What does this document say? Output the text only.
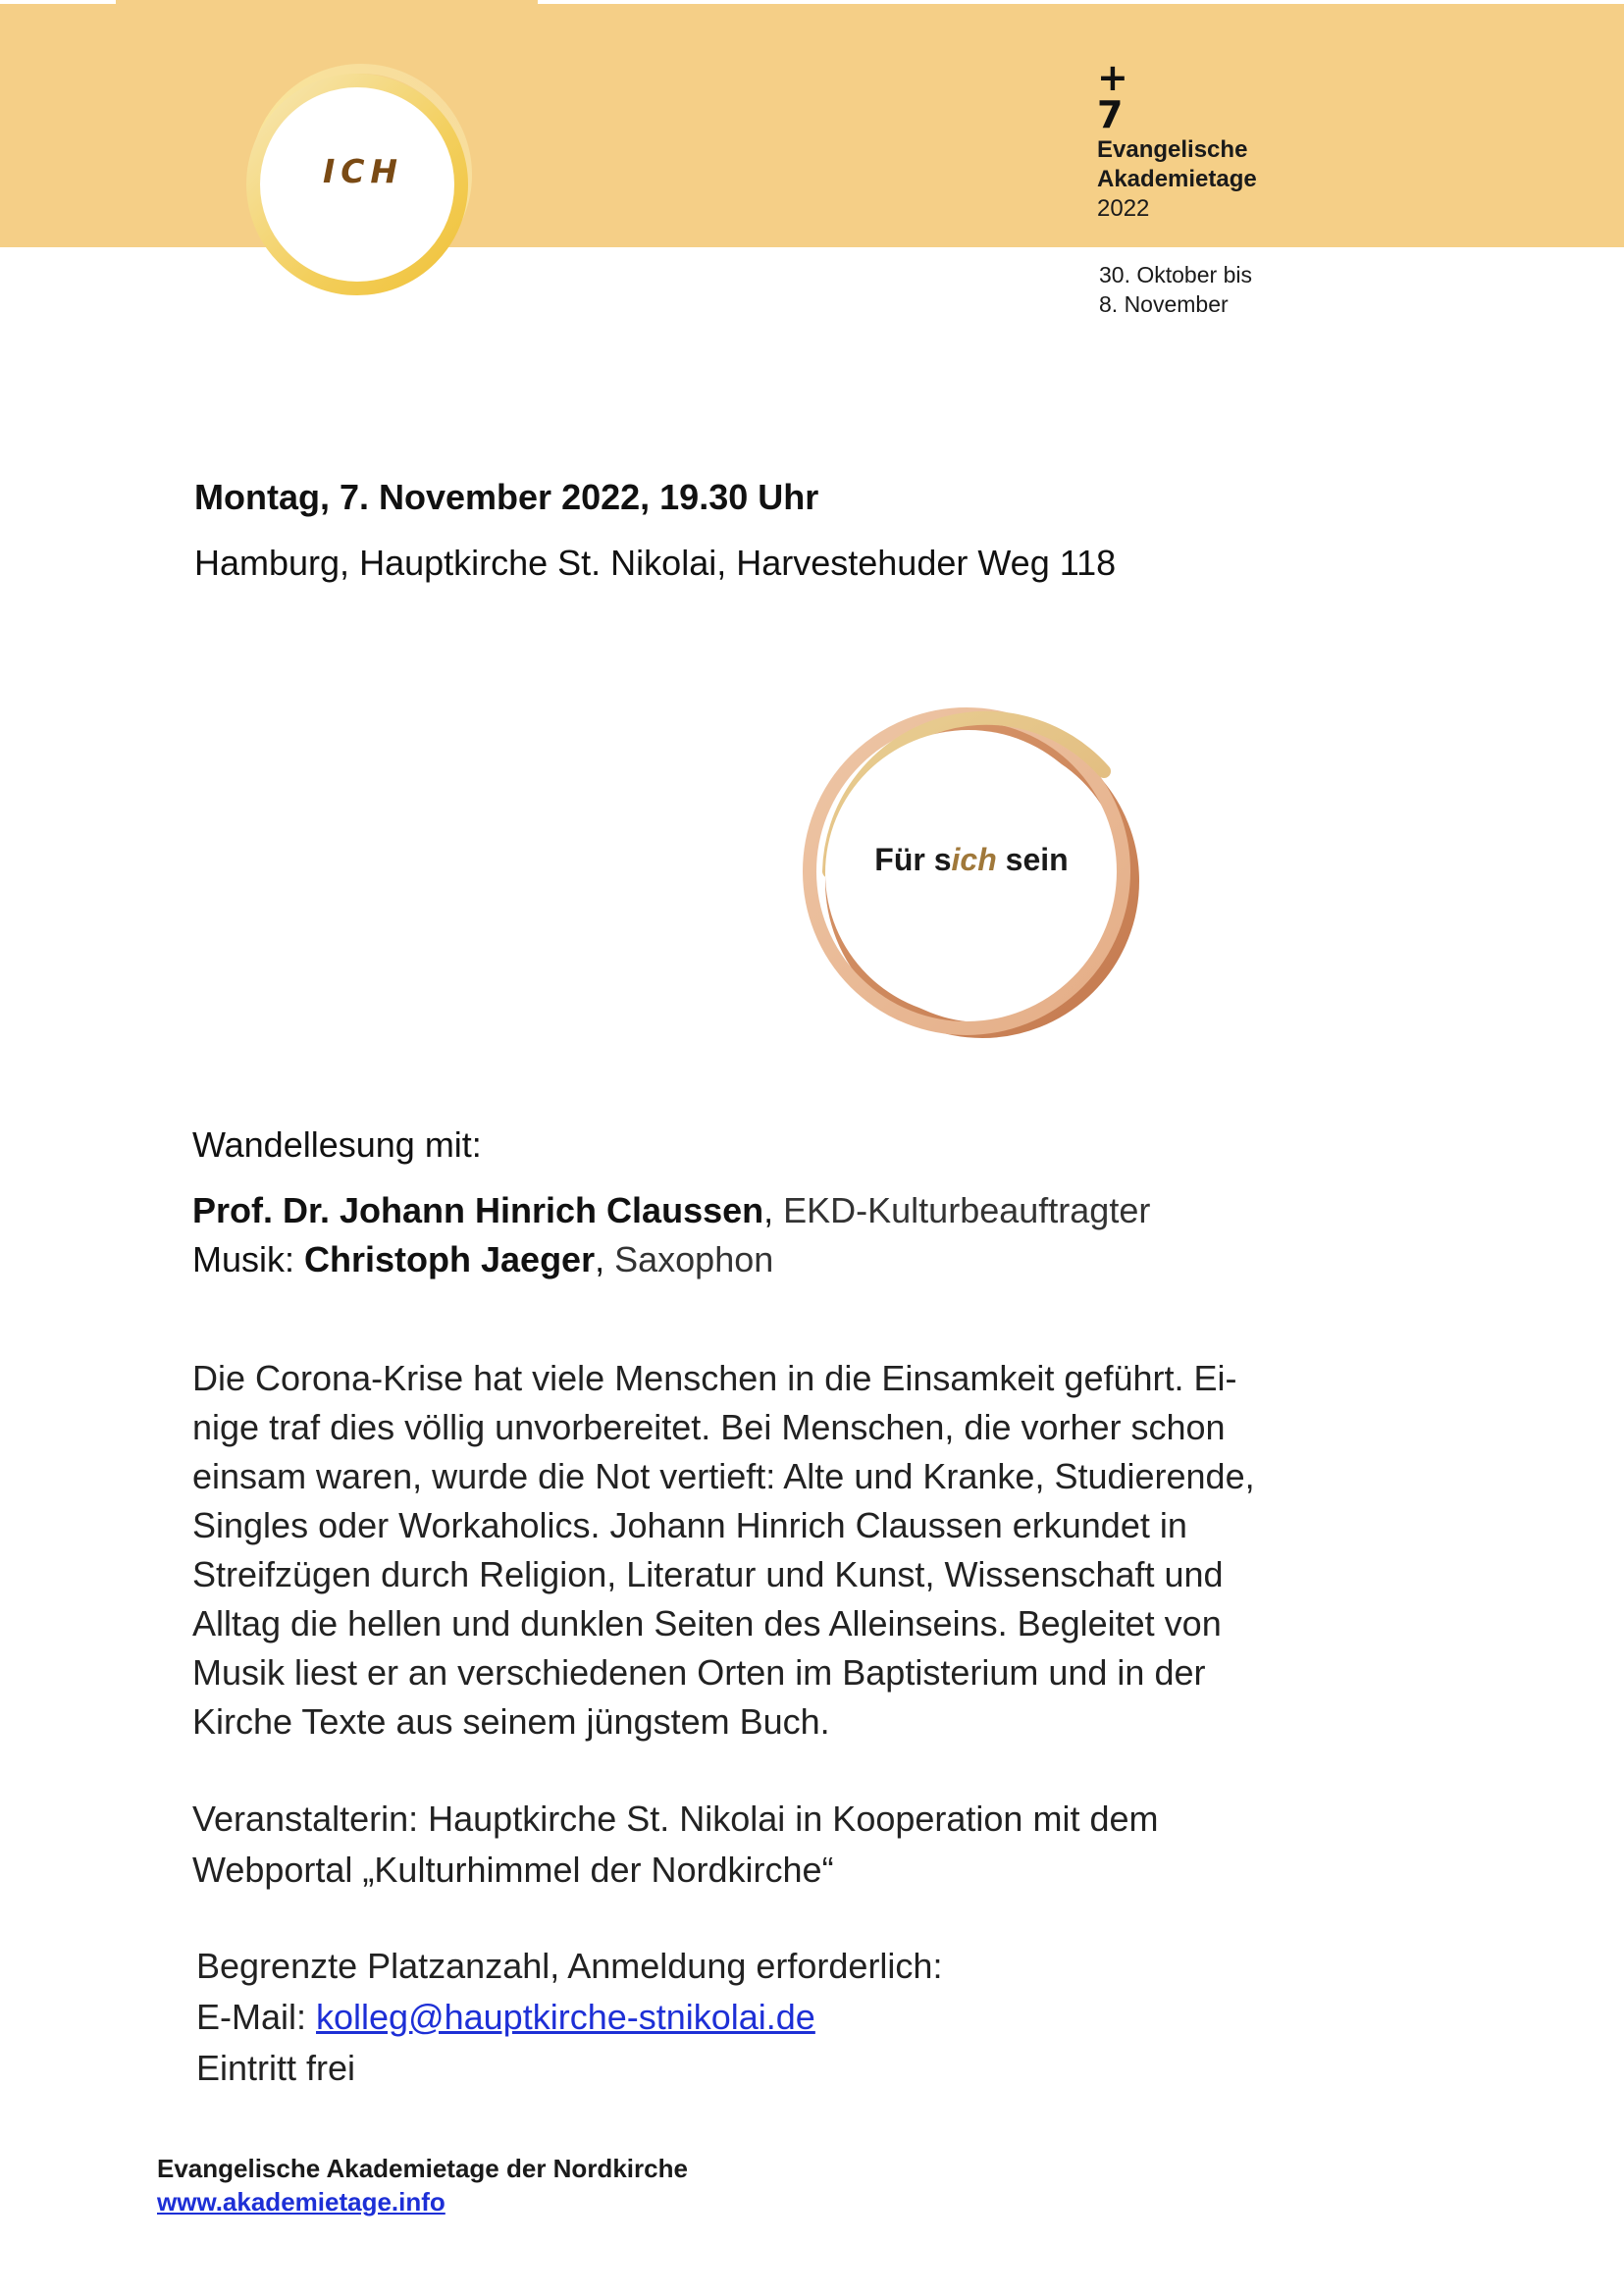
ICH
+
7
Evangelische
Akademietage
2022
30. Oktober bis
8. November
Montag, 7. November 2022, 19.30 Uhr
Hamburg, Hauptkirche St. Nikolai, Harvestehuder Weg 118
Für sich sein
Wandellesung mit:
Prof. Dr. Johann Hinrich Claussen, EKD-Kulturbeauftragter
Musik: Christoph Jaeger, Saxophon
Die Corona-Krise hat viele Menschen in die Einsamkeit geführt. Ei-
nige traf dies völlig unvorbereitet. Bei Menschen, die vorher schon
einsam waren, wurde die Not vertieft: Alte und Kranke, Studierende,
Singles oder Workaholics. Johann Hinrich Claussen erkundet in
Streifzügen durch Religion, Literatur und Kunst, Wissenschaft und
Alltag die hellen und dunklen Seiten des Alleinseins. Begleitet von
Musik liest er an verschiedenen Orten im Baptisterium und in der
Kirche Texte aus seinem jüngstem Buch.
Veranstalterin: Hauptkirche St. Nikolai in Kooperation mit dem
Webportal „Kulturhimmel der Nordkirche“
Begrenzte Platzanzahl, Anmeldung erforderlich:
E-Mail: kolleg@hauptkirche-stnikolai.de
Eintritt frei
Evangelische Akademietage der Nordkirche
www.akademietage.info
